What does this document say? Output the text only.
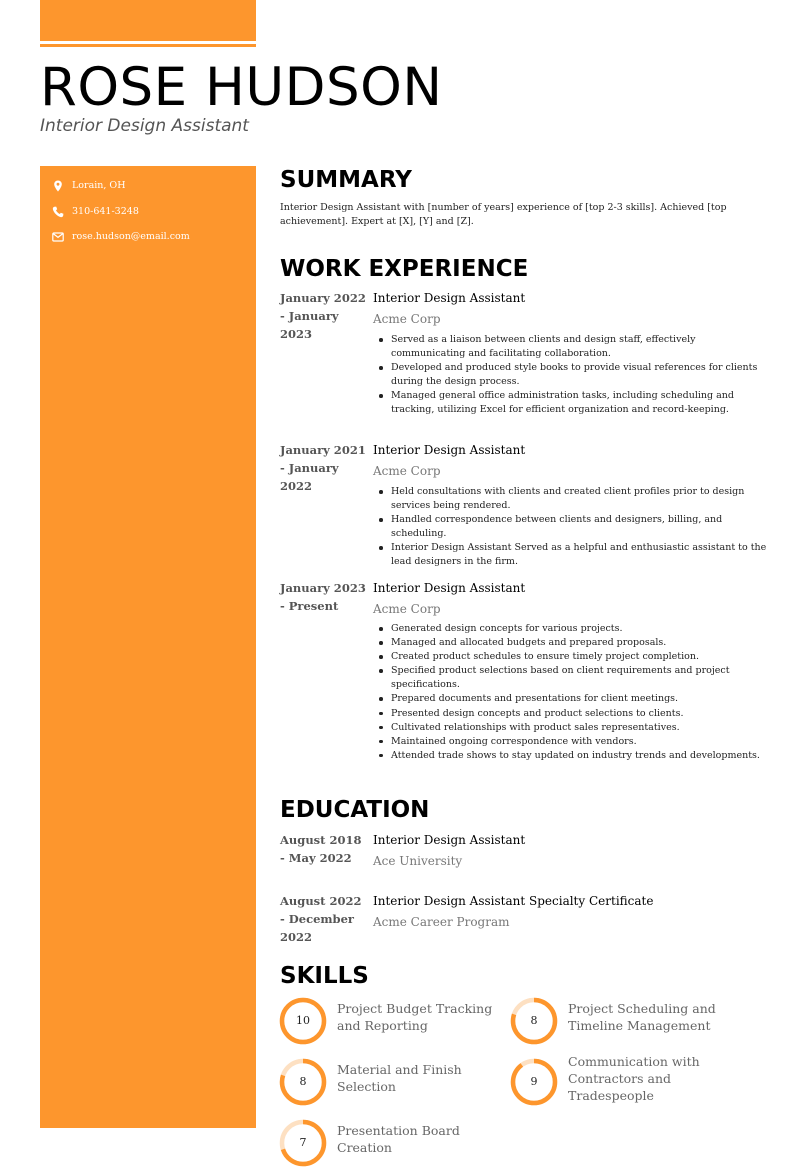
ROSE HUDSON
Interior Design Assistant
Lorain, OH
310-641-3248
rose.hudson@email.com
SUMMARY

Interior Design Assistant with [number of years] experience of [top 2-3 skills]. Achieved [top achievement]. Expert at [X], [Y] and [Z].

WORK EXPERIENCE
January 2022 - January 2023
Interior Design Assistant
Acme Corp
Served as a liaison between clients and design staff, effectively communicating and facilitating collaboration.
Developed and produced style books to provide visual references for clients during the design process.
Managed general office administration tasks, including scheduling and tracking, utilizing Excel for efficient organization and record-keeping.
January 2021 - January 2022
Interior Design Assistant
Acme Corp
Held consultations with clients and created client profiles prior to design services being rendered.
Handled correspondence between clients and designers, billing, and scheduling.
Interior Design Assistant Served as a helpful and enthusiastic assistant to the lead designers in the firm.
January 2023 - Present
Interior Design Assistant
Acme Corp
Generated design concepts for various projects.
Managed and allocated budgets and prepared proposals.
Created product schedules to ensure timely project completion.
Specified product selections based on client requirements and project specifications.
Prepared documents and presentations for client meetings.
Presented design concepts and product selections to clients.
Cultivated relationships with product sales representatives.
Maintained ongoing correspondence with vendors.
Attended trade shows to stay updated on industry trends and developments.
EDUCATION
August 2018 - May 2022
Interior Design Assistant
Ace University
August 2022 - December 2022
Interior Design Assistant Specialty Certificate
Acme Career Program
SKILLS
10
Project Budget Tracking and Reporting	8
Project Scheduling and Timeline Management
8
Material and Finish Selection	9
Communication with Contractors and Tradespeople
7
Presentation Board Creation
